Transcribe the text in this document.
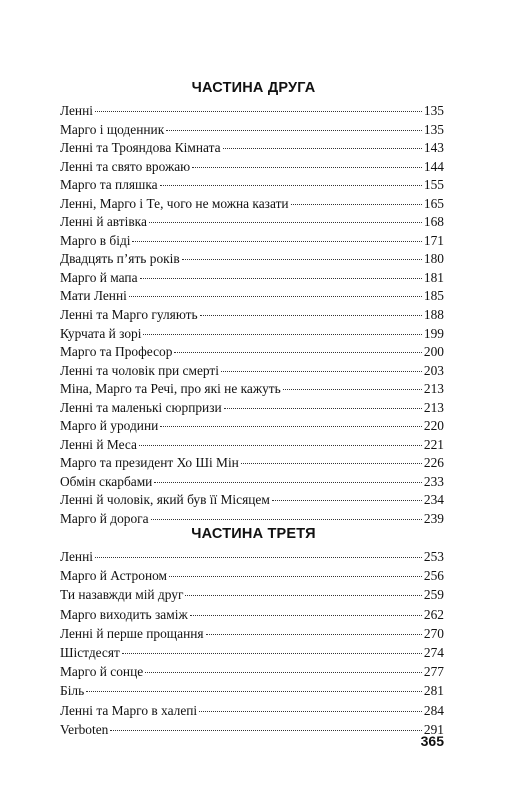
ЧАСТИНА ДРУГА
Ленні	135
Марго і щоденник	135
Ленні та Трояндова Кімната	143
Ленні та свято врожаю	144
Марго та пляшка	155
Ленні, Марго і Те, чого не можна казати	165
Ленні й автівка	168
Марго в біді	171
Двадцять п’ять років	180
Марго й мапа	181
Мати Ленні	185
Ленні та Марго гуляють	188
Курчата й зорі	199
Марго та Професор	200
Ленні та чоловік при смерті	203
Міна, Марго та Речі, про які не кажуть	213
Ленні та маленькі сюрпризи	213
Марго й уродини	220
Ленні й Меса	221
Марго та президент Хо Ші Мін	226
Обмін скарбами	233
Ленні й чоловік, який був її Місяцем	234
Марго й дорога	239
ЧАСТИНА ТРЕТЯ
Ленні	253
Марго й Астроном	256
Ти назавжди мій друг	259
Марго виходить заміж	262
Ленні й перше прощання	270
Шістдесят	274
Марго й сонце	277
Біль	281
Ленні та Марго в халепі	284
Verboten	291
365
